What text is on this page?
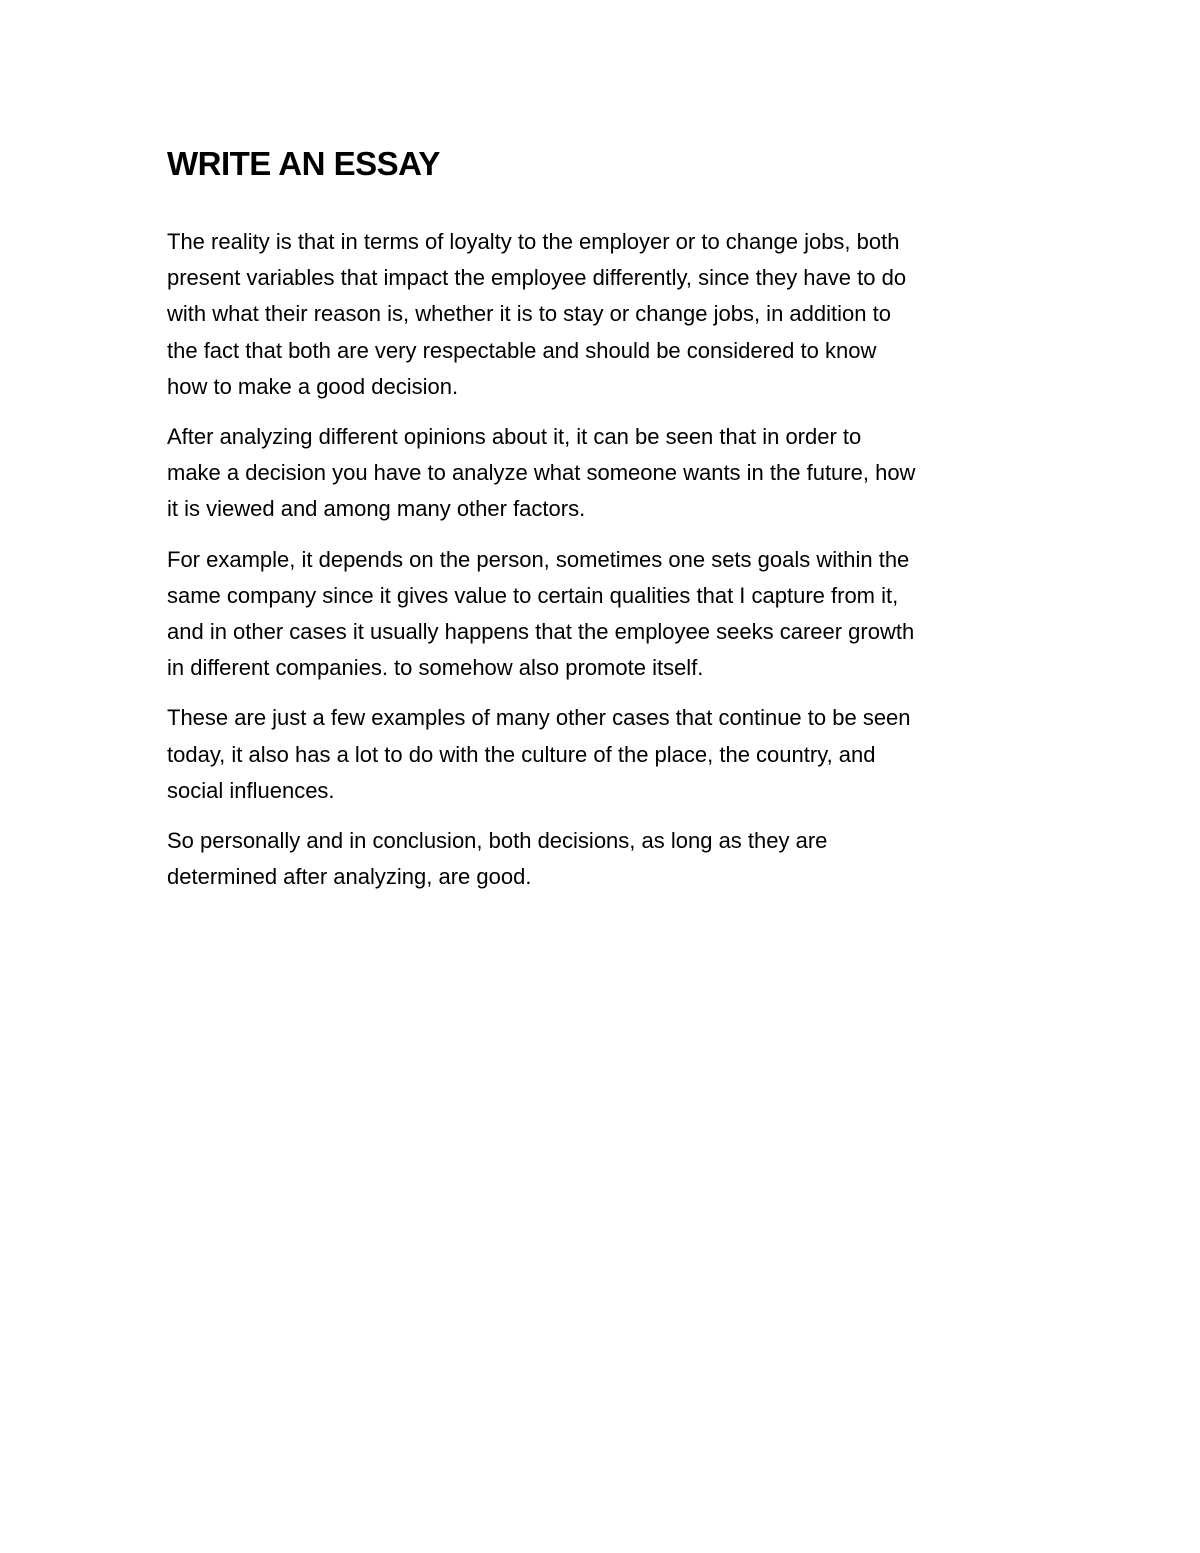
WRITE AN ESSAY

The reality is that in terms of loyalty to the employer or to change jobs, both
present variables that impact the employee differently, since they have to do
with what their reason is, whether it is to stay or change jobs, in addition to
the fact that both are very respectable and should be considered to know
how to make a good decision.

After analyzing different opinions about it, it can be seen that in order to
make a decision you have to analyze what someone wants in the future, how
it is viewed and among many other factors.

For example, it depends on the person, sometimes one sets goals within the
same company since it gives value to certain qualities that I capture from it,
and in other cases it usually happens that the employee seeks career growth
in different companies. to somehow also promote itself.

These are just a few examples of many other cases that continue to be seen
today, it also has a lot to do with the culture of the place, the country, and
social influences.

So personally and in conclusion, both decisions, as long as they are
determined after analyzing, are good.
